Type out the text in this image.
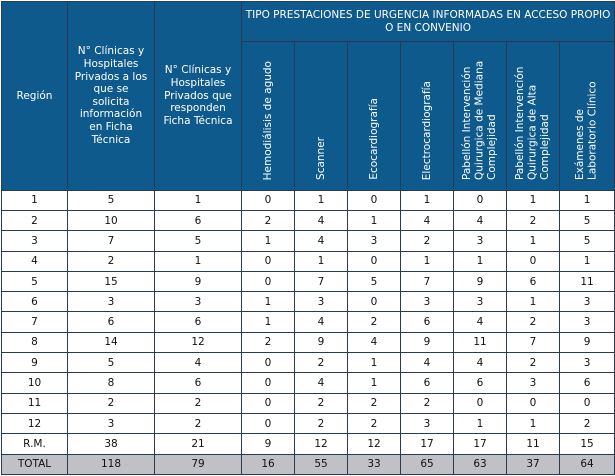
Región	N° Clínicas y Hospitales Privados a los que se solicita información en Ficha Técnica	N° Clínicas y Hospitales Privados que responden Ficha Técnica	TIPO PRESTACIONES DE URGENCIA INFORMADAS EN ACCESO PROPIO O EN CONVENIO						
			Hemodiálisis de agudo	Scanner	Ecocardiografía	Electrocardiografía	Pabellón Intervención Quirurgica de Mediana Complejidad	Pabellón Intervención Quirurgica de Alta Complejidad	Exámenes de Laboratorio Clínico
1	5	1	0	1	0	1	0	1	1
2	10	6	2	4	1	4	4	2	5
3	7	5	1	4	3	2	3	1	5
4	2	1	0	1	0	1	1	0	1
5	15	9	0	7	5	7	9	6	11
6	3	3	1	3	0	3	3	1	3
7	6	6	1	4	2	6	4	2	3
8	14	12	2	9	4	9	11	7	9
9	5	4	0	2	1	4	4	2	3
10	8	6	0	4	1	6	6	3	6
11	2	2	0	2	2	2	0	0	0
12	3	2	0	2	2	3	1	1	2
R.M.	38	21	9	12	12	17	17	11	15
TOTAL	118	79	16	55	33	65	63	37	64
